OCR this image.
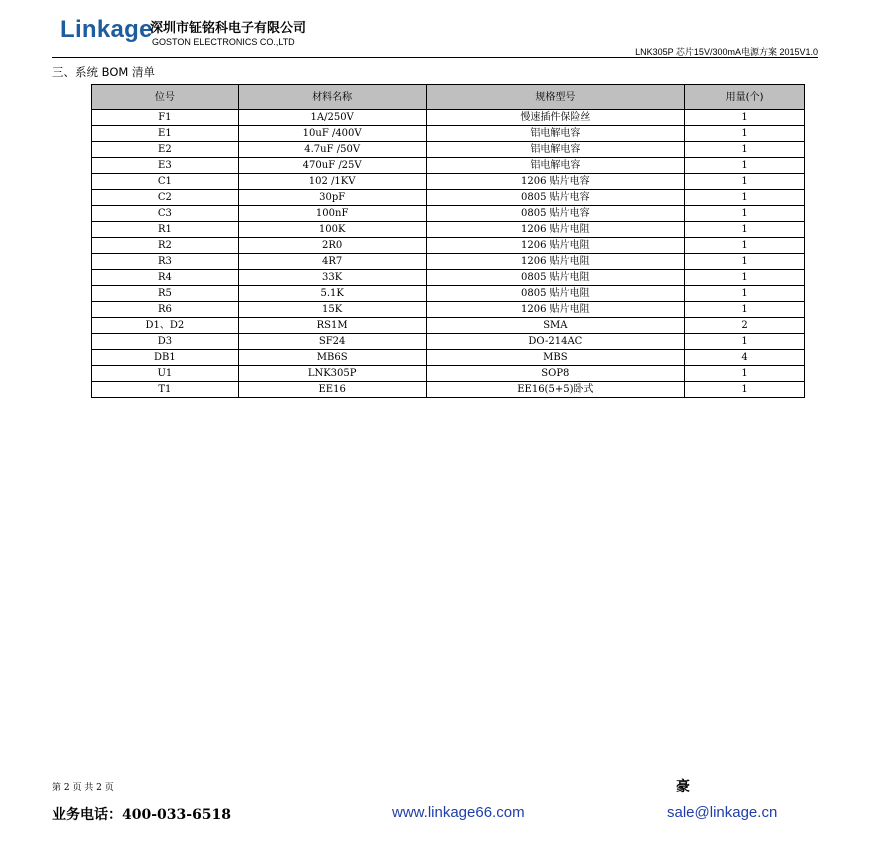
Linkage
深圳市钲铭科电子有限公司
GOSTON ELECTRONICS CO.,LTD
LNK305P 芯片15V/300mA电源方案 2015V1.0
三、系统 BOM 清单
位号	材料名称	规格型号	用量(个)
F1	1A/250V	慢速插件保险丝	1
E1	10uF /400V	铝电解电容	1
E2	4.7uF /50V	铝电解电容	1
E3	470uF /25V	铝电解电容	1
C1	102 /1KV	1206 贴片电容	1
C2	30pF	0805 贴片电容	1
C3	100nF	0805 贴片电容	1
R1	100K	1206 贴片电阻	1
R2	2R0	1206 贴片电阻	1
R3	4R7	1206 贴片电阻	1
R4	33K	0805 贴片电阻	1
R5	5.1K	0805 贴片电阻	1
R6	15K	1206 贴片电阻	1
D1、D2	RS1M	SMA	2
D3	SF24	DO-214AC	1
DB1	MB6S	MBS	4
U1	LNK305P	SOP8	1
T1	EE16	EE16(5+5)卧式	1
第 2 页 共 2 页	豪
业务电话：400-033-6518	www.linkage66.com	sale@linkage.cn
